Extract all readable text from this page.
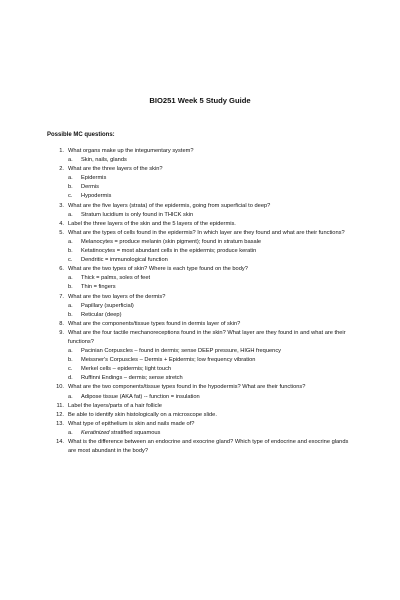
BIO251 Week 5 Study Guide
Possible MC questions:
1. What organs make up the integumentary system?
a.	Skin, nails, glands
2. What are the three layers of the skin?
a.	Epidermis
b.	Dermis
c.	Hypodermis
3. What are the five layers (strata) of the epidermis, going from superficial to deep?
a.	Stratum lucidium is only found in THICK skin
4. Label the three layers of the skin and the 5 layers of the epidermis.
5. What are the types of cells found in the epidermis? In which layer are they found and what are their functions?
a.	Melanocytes = produce melanin (skin pigment); found in stratum basale
b.	Ketatinocytes = most abundant cells in the epidermis; produce keratin
c.	Dendritic = immunological function
6. What are the two types of skin? Where is each type found on the body?
a.	Thick = palms, soles of feet
b.	Thin = fingers
7. What are the two layers of the dermis?
a.	Papillary (superficial)
b.	Reticular (deep)
8. What are the components/tissue types found in dermis layer of skin?
9. What are the four tactile mechanoreceptions found in the skin? What layer are they found in and what are their functions?
a.	Pacinian Corpuscles – found in dermis; sense DEEP pressure, HIGH frequency
b.	Meissner's Corpuscles – Dermis + Epidermis; low frequency vibration
c.	Merkel cells – epidermis; light touch
d.	Ruffinni Endings – dermis; sense stretch
10. What are the two components/tissue types found in the hypodermis? What are their functions?
a.	Adipose tissue (AKA fat) -- function = insulation
11. Label the layers/parts of a hair follicle
12. Be able to identify skin histologically on a microscope slide.
13. What type of epithelium is skin and nails made of?
a.	Keratinized stratified squamous
14. What is the difference between an endocrine and exocrine gland? Which type of endocrine and exocrine glands are most abundant in the body?
